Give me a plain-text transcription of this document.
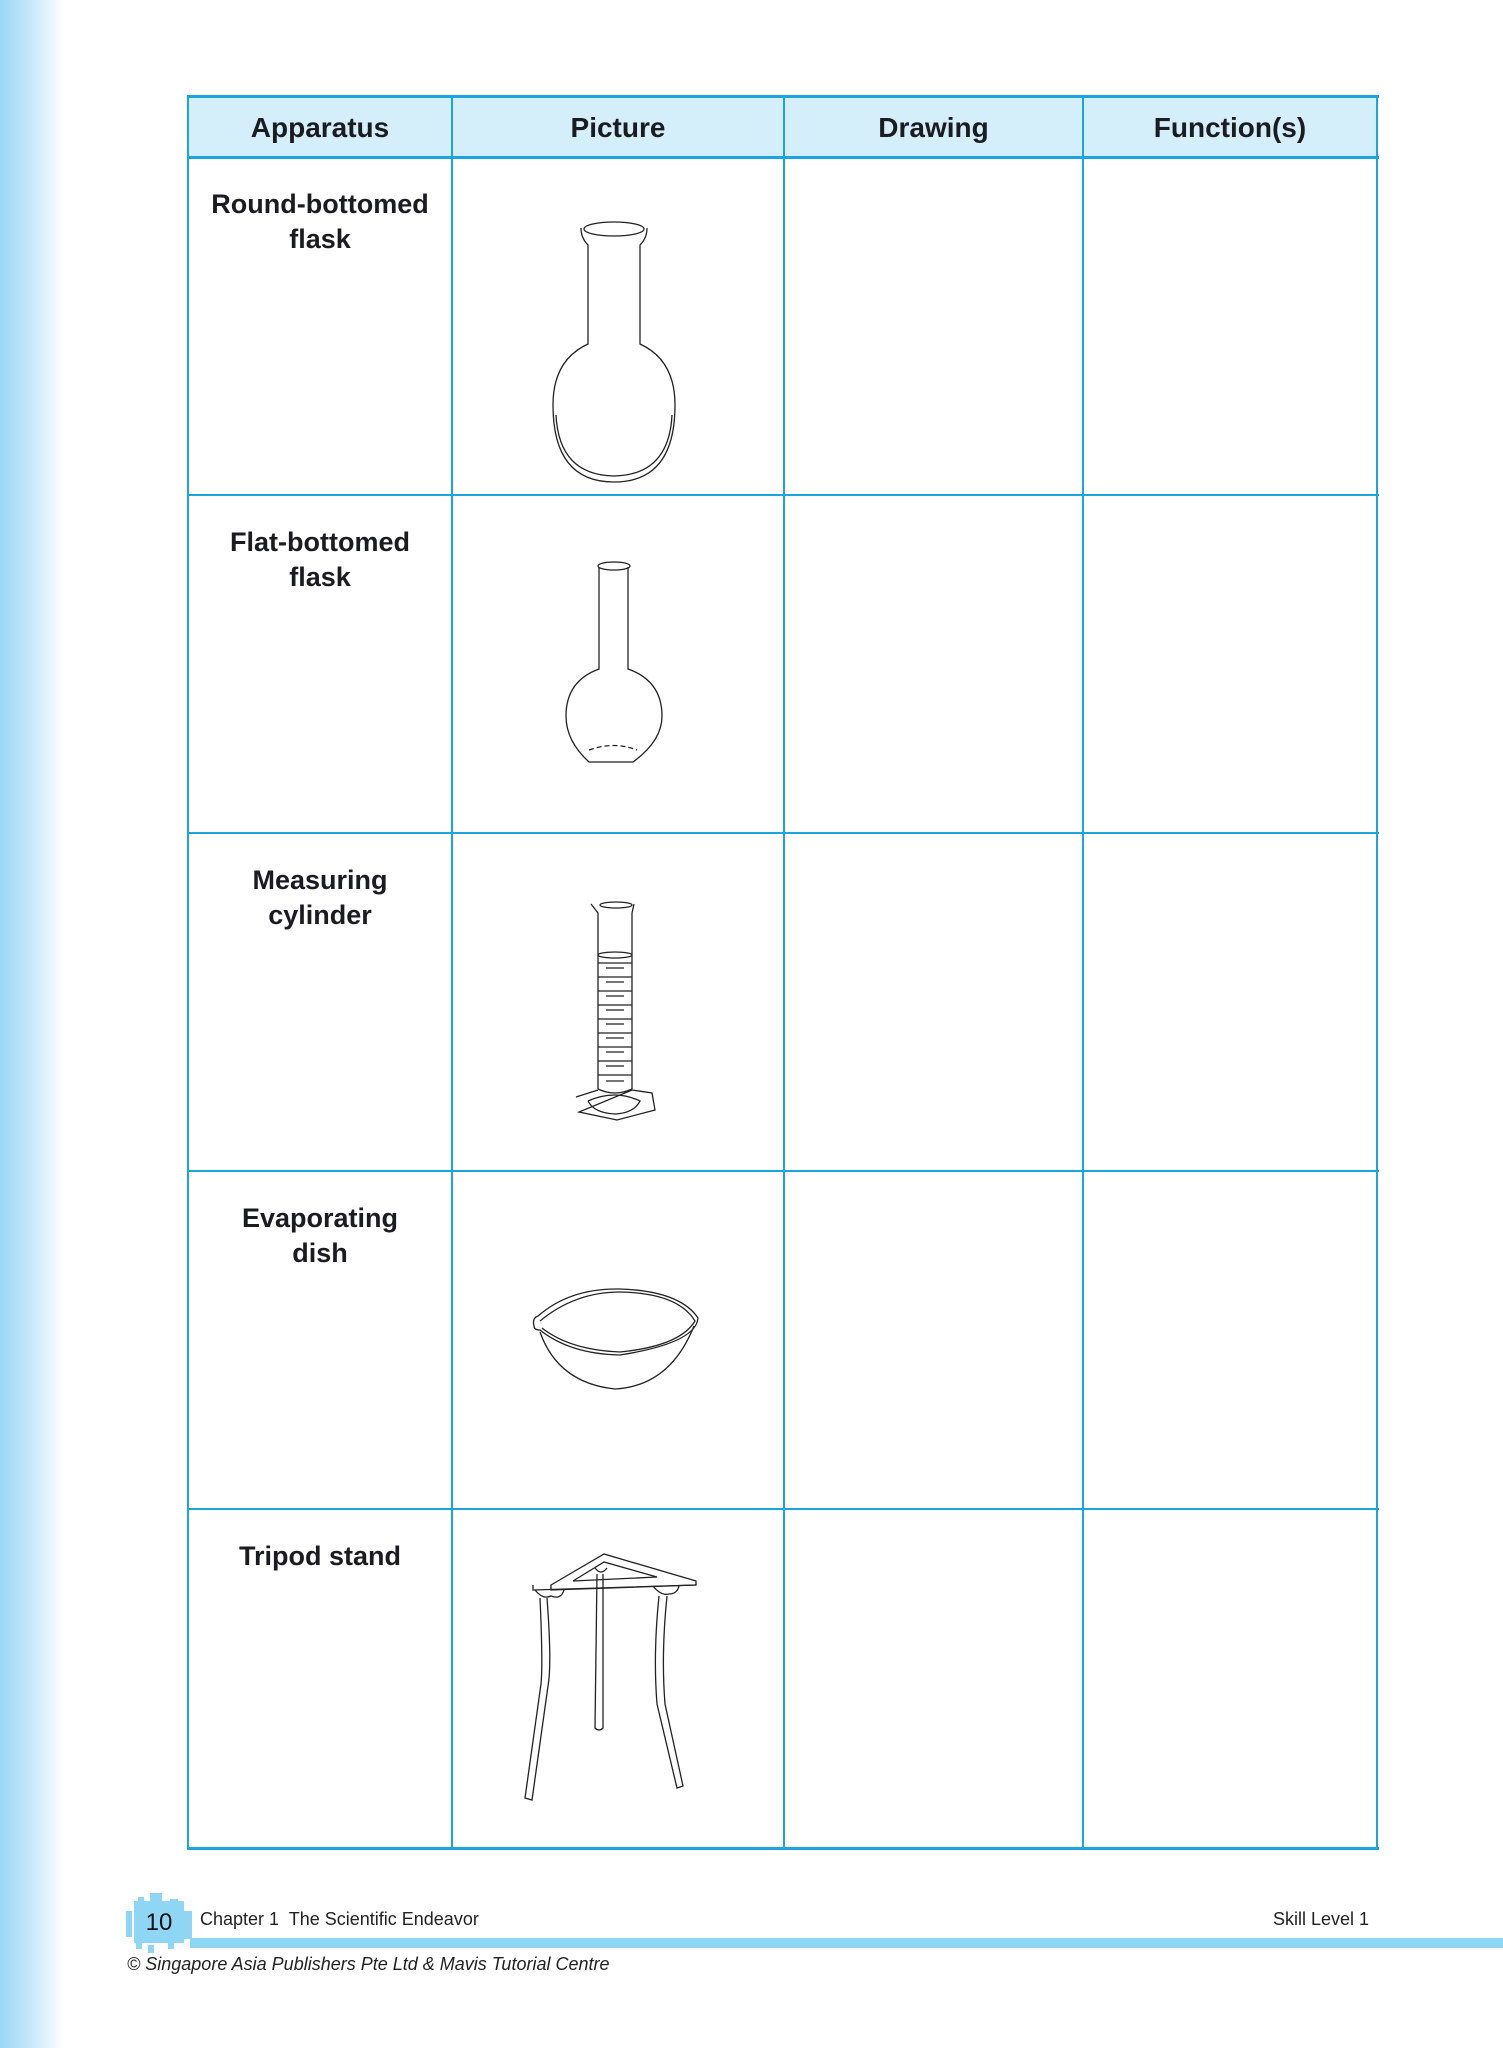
Apparatus	Picture	Drawing	Function(s)
Round-bottomed
flask
Flat-bottomed
flask
Measuring
cylinder
Evaporating
dish
Tripod stand
10	Chapter 1  The Scientific Endeavor	Skill Level 1
© Singapore Asia Publishers Pte Ltd & Mavis Tutorial Centre
